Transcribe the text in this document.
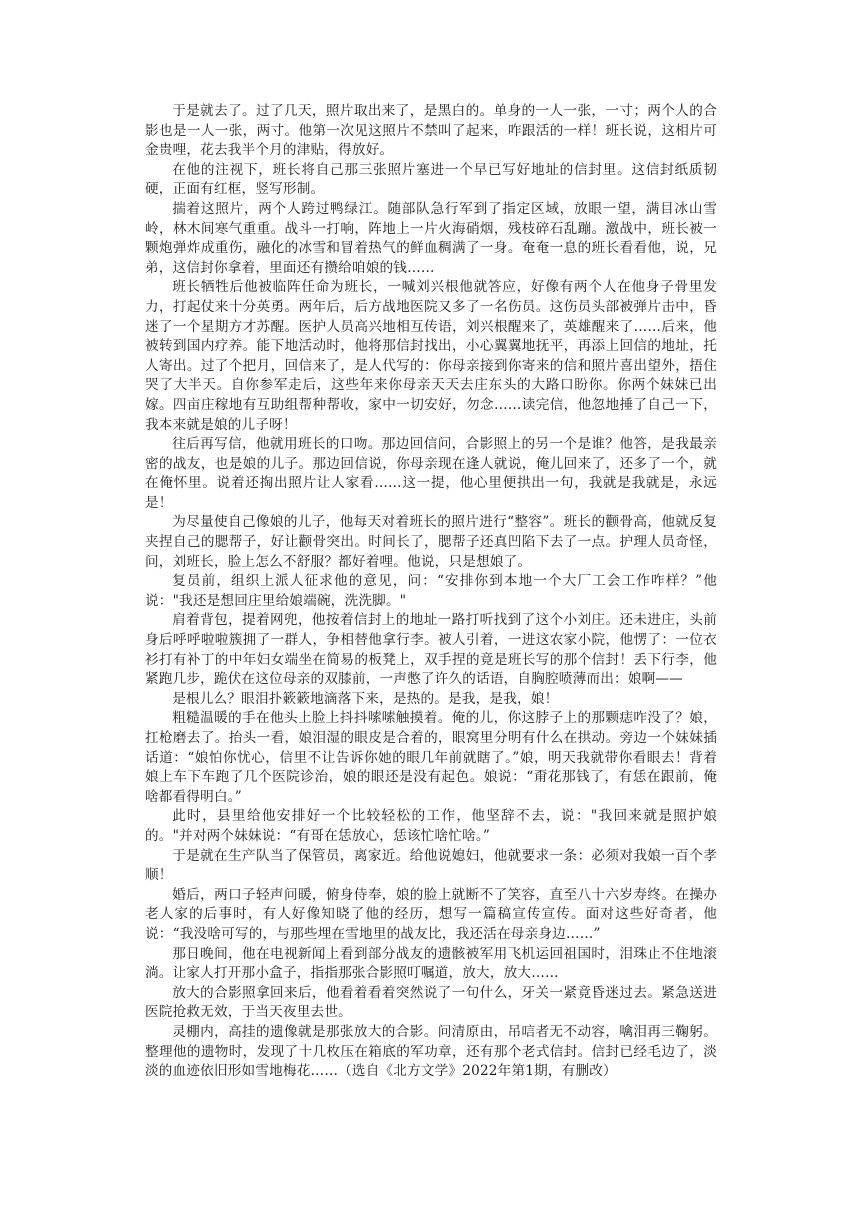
于是就去了。过了几天，照片取出来了，是黑白的。单身的一人一张，一寸；两个人的合影也是一人一张，两寸。他第一次见这照片不禁叫了起来，咋跟活的一样！班长说，这相片可金贵哩，花去我半个月的津贴，得放好。

在他的注视下，班长将自己那三张照片塞进一个早已写好地址的信封里。这信封纸质韧硬，正面有红框，竖写形制。

揣着这照片，两个人跨过鸭绿江。随部队急行军到了指定区域，放眼一望，满目冰山雪岭，林木间寒气重重。战斗一打响，阵地上一片火海硝烟，残枝碎石乱蹦。激战中，班长被一颗炮弹炸成重伤，融化的冰雪和冒着热气的鲜血稠满了一身。奄奄一息的班长看看他，说，兄弟，这信封你拿着，里面还有攒给咱娘的钱……

班长牺牲后他被临阵任命为班长，一喊刘兴根他就答应，好像有两个人在他身子骨里发力，打起仗来十分英勇。两年后，后方战地医院又多了一名伤员。这伤员头部被弹片击中，昏迷了一个星期方才苏醒。医护人员高兴地相互传语，刘兴根醒来了，英雄醒来了……后来，他被转到国内疗养。能下地活动时，他将那信封找出，小心翼翼地抚平，再添上回信的地址，托人寄出。过了个把月，回信来了，是人代写的：你母亲接到你寄来的信和照片喜出望外，捂住哭了大半天。自你参军走后，这些年来你母亲天天去庄东头的大路口盼你。你两个妹妹已出嫁。四亩庄稼地有互助组帮种帮收，家中一切安好，勿念……读完信，他忽地捶了自己一下，我本来就是娘的儿子呀！

往后再写信，他就用班长的口吻。那边回信问，合影照上的另一个是谁？他答，是我最亲密的战友，也是娘的儿子。那边回信说，你母亲现在逢人就说，俺儿回来了，还多了一个，就在俺怀里。说着还掏出照片让人家看……这一提，他心里便拱出一句，我就是我就是，永远是！

为尽量使自己像娘的儿子，他每天对着班长的照片进行“整容”。班长的颧骨高，他就反复夹捏自己的腮帮子，好让颧骨突出。时间长了，腮帮子还真凹陷下去了一点。护理人员奇怪，问，刘班长，脸上怎么不舒服？都好着哩。他说，只是想娘了。

复员前，组织上派人征求他的意见，问：“安排你到本地一个大厂工会工作咋样？”他说："我还是想回庄里给娘端碗，洗洗脚。"

肩着背包，提着网兜，他按着信封上的地址一路打听找到了这个小刘庄。还未进庄，头前身后呼呼啦啦簇拥了一群人，争相替他拿行李。被人引着，一进这农家小院，他愣了：一位衣衫打有补丁的中年妇女端坐在简易的板凳上，双手捏的竟是班长写的那个信封！丢下行李，他紧跑几步，跪伏在这位母亲的双膝前，一声憋了许久的话语，自胸腔喷薄而出：娘啊——

是根儿么？眼泪扑簌簌地滴落下来，是热的。是我，是我，娘！

粗糙温暖的手在他头上脸上抖抖嗦嗦触摸着。俺的儿，你这脖子上的那颗痣咋没了？娘，扛枪磨去了。抬头一看，娘泪湿的眼皮是合着的，眼窝里分明有什么在拱动。旁边一个妹妹插话道：“娘怕你忧心，信里不让告诉你她的眼几年前就瞎了。”娘，明天我就带你看眼去！背着娘上车下车跑了几个医院诊治，娘的眼还是没有起色。娘说：“甭花那钱了，有恁在跟前，俺啥都看得明白。”

此时，县里给他安排好一个比较轻松的工作，他坚辞不去，说："我回来就是照护娘的。"并对两个妹妹说：“有哥在恁放心，恁该忙啥忙啥。”

于是就在生产队当了保管员，离家近。给他说媳妇，他就要求一条：必须对我娘一百个孝顺！

婚后，两口子轻声问暖，俯身侍奉，娘的脸上就断不了笑容，直至八十六岁寿终。在操办老人家的后事时，有人好像知晓了他的经历，想写一篇稿宣传宣传。面对这些好奇者，他说：“我没啥可写的，与那些埋在雪地里的战友比，我还活在母亲身边……”

那日晚间，他在电视新闻上看到部分战友的遗骸被军用飞机运回祖国时，泪珠止不住地滚淌。让家人打开那小盒子，指指那张合影照叮嘱道，放大，放大……

放大的合影照拿回来后，他看着看着突然说了一句什么，牙关一紧竟昏迷过去。紧急送进医院抢救无效，于当天夜里去世。

灵棚内，高挂的遗像就是那张放大的合影。问清原由，吊唁者无不动容，噙泪再三鞠躬。整理他的遗物时，发现了十几枚压在箱底的军功章，还有那个老式信封。信封已经毛边了，淡淡的血迹依旧形如雪地梅花……（选自《北方文学》2022年第1期，有删改）
